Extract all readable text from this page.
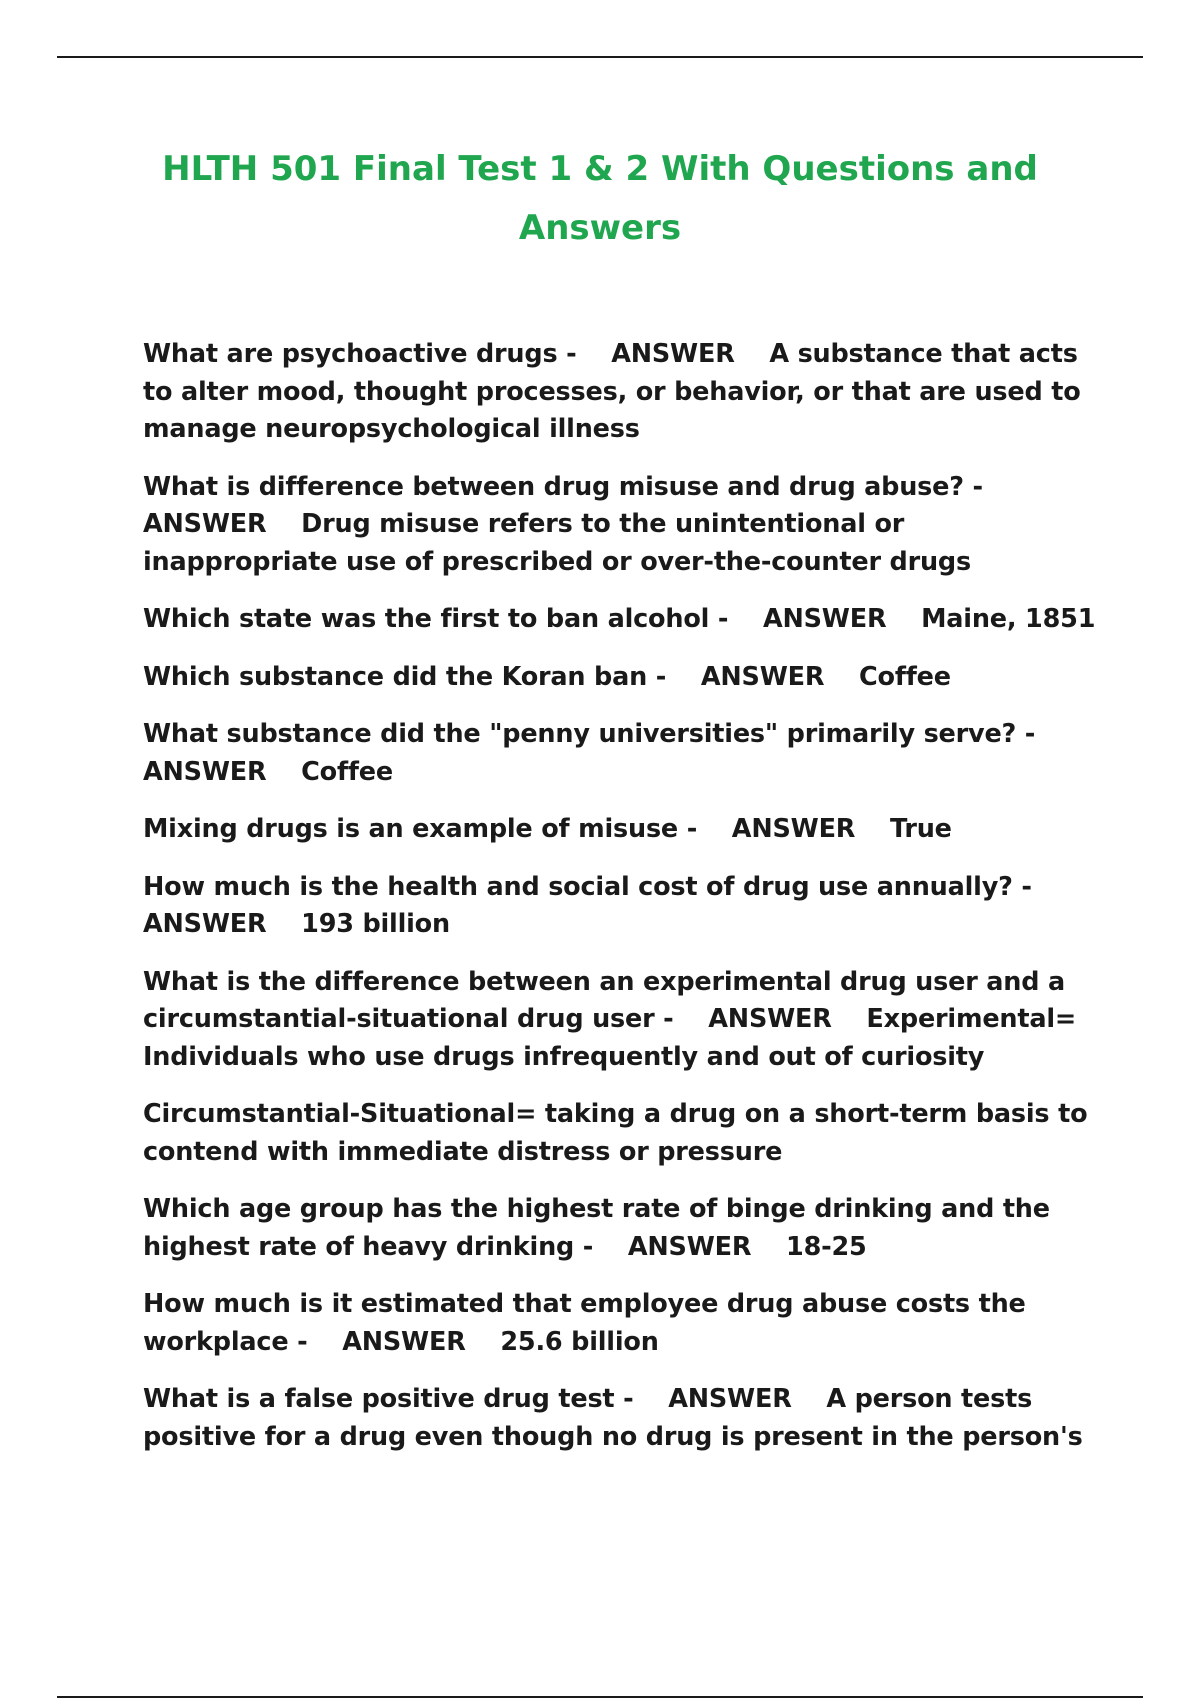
HLTH 501 Final Test 1 & 2 With Questions and Answers

What are psychoactive drugs - ANSWER A substance that acts to alter mood, thought processes, or behavior, or that are used to manage neuropsychological illness

What is difference between drug misuse and drug abuse? - ANSWER Drug misuse refers to the unintentional or inappropriate use of prescribed or over-the-counter drugs

Which state was the first to ban alcohol - ANSWER Maine, 1851

Which substance did the Koran ban - ANSWER Coffee

What substance did the "penny universities" primarily serve? - ANSWER Coffee

Mixing drugs is an example of misuse - ANSWER True

How much is the health and social cost of drug use annually? - ANSWER 193 billion

What is the difference between an experimental drug user and a circumstantial-situational drug user - ANSWER Experimental= Individuals who use drugs infrequently and out of curiosity

Circumstantial-Situational= taking a drug on a short-term basis to contend with immediate distress or pressure

Which age group has the highest rate of binge drinking and the highest rate of heavy drinking - ANSWER 18-25

How much is it estimated that employee drug abuse costs the workplace - ANSWER 25.6 billion

What is a false positive drug test - ANSWER A person tests positive for a drug even though no drug is present in the person's
